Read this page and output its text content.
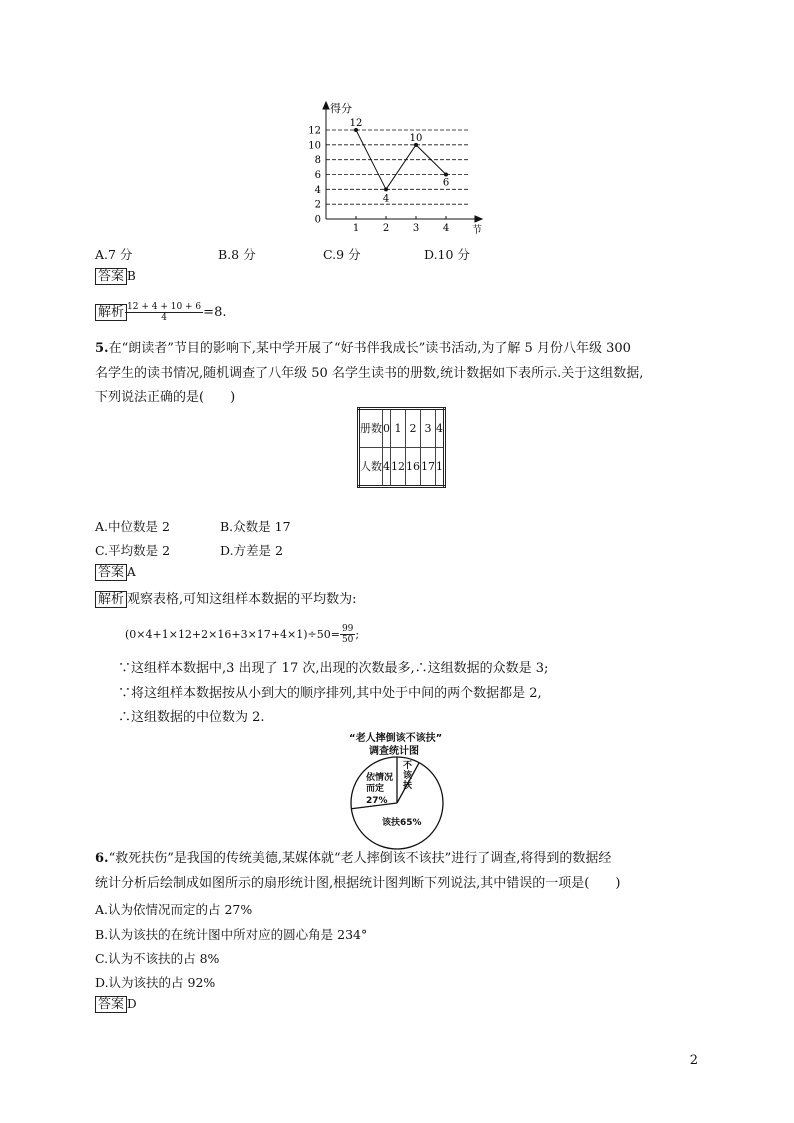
得分
节
0
2
4
6
8
10
12
1 2 3 4
12
4
10
6
A.7 分	B.8 分	C.9 分	D.10 分
答案 B
解析 $\frac{12 + 4 + 10 + 6}{4} =8$.
5.在“朗读者”节目的影响下,某中学开展了“好书伴我成长”读书活动,为了解 5 月份八年级 300
名学生的读书情况,随机调查了八年级 50 名学生读书的册数,统计数据如下表所示.关于这组数据,
下列说法正确的是(　　)
册数	0	1	2	3	4
人数	4	12	16	17	1
A.中位数是 2	B.众数是 17
C.平均数是 2	D.方差是 2
答案 A
解析 观察表格,可知这组样本数据的平均数为:
$(0\times 4+1\times 12+2\times 16+3\times 17+4\times 1)\div 50= \frac{99}{50}$ ;
∵这组样本数据中,3 出现了 17 次,出现的次数最多,∴这组数据的众数是 3;
∵将这组样本数据按从小到大的顺序排列,其中处于中间的两个数据都是 2,
∴这组数据的中位数为 2.
“老人摔倒该不该扶”
调查统计图
依情况
而定
27%
不
该
扶
该扶65%
6.“救死扶伤”是我国的传统美德,某媒体就“老人摔倒该不该扶”进行了调查,将得到的数据经
统计分析后绘制成如图所示的扇形统计图,根据统计图判断下列说法,其中错误的一项是(　　)
A.认为依情况而定的占 27%
B.认为该扶的在统计图中所对应的圆心角是 234°
C.认为不该扶的占 8%
D.认为该扶的占 92%
答案 D
2
